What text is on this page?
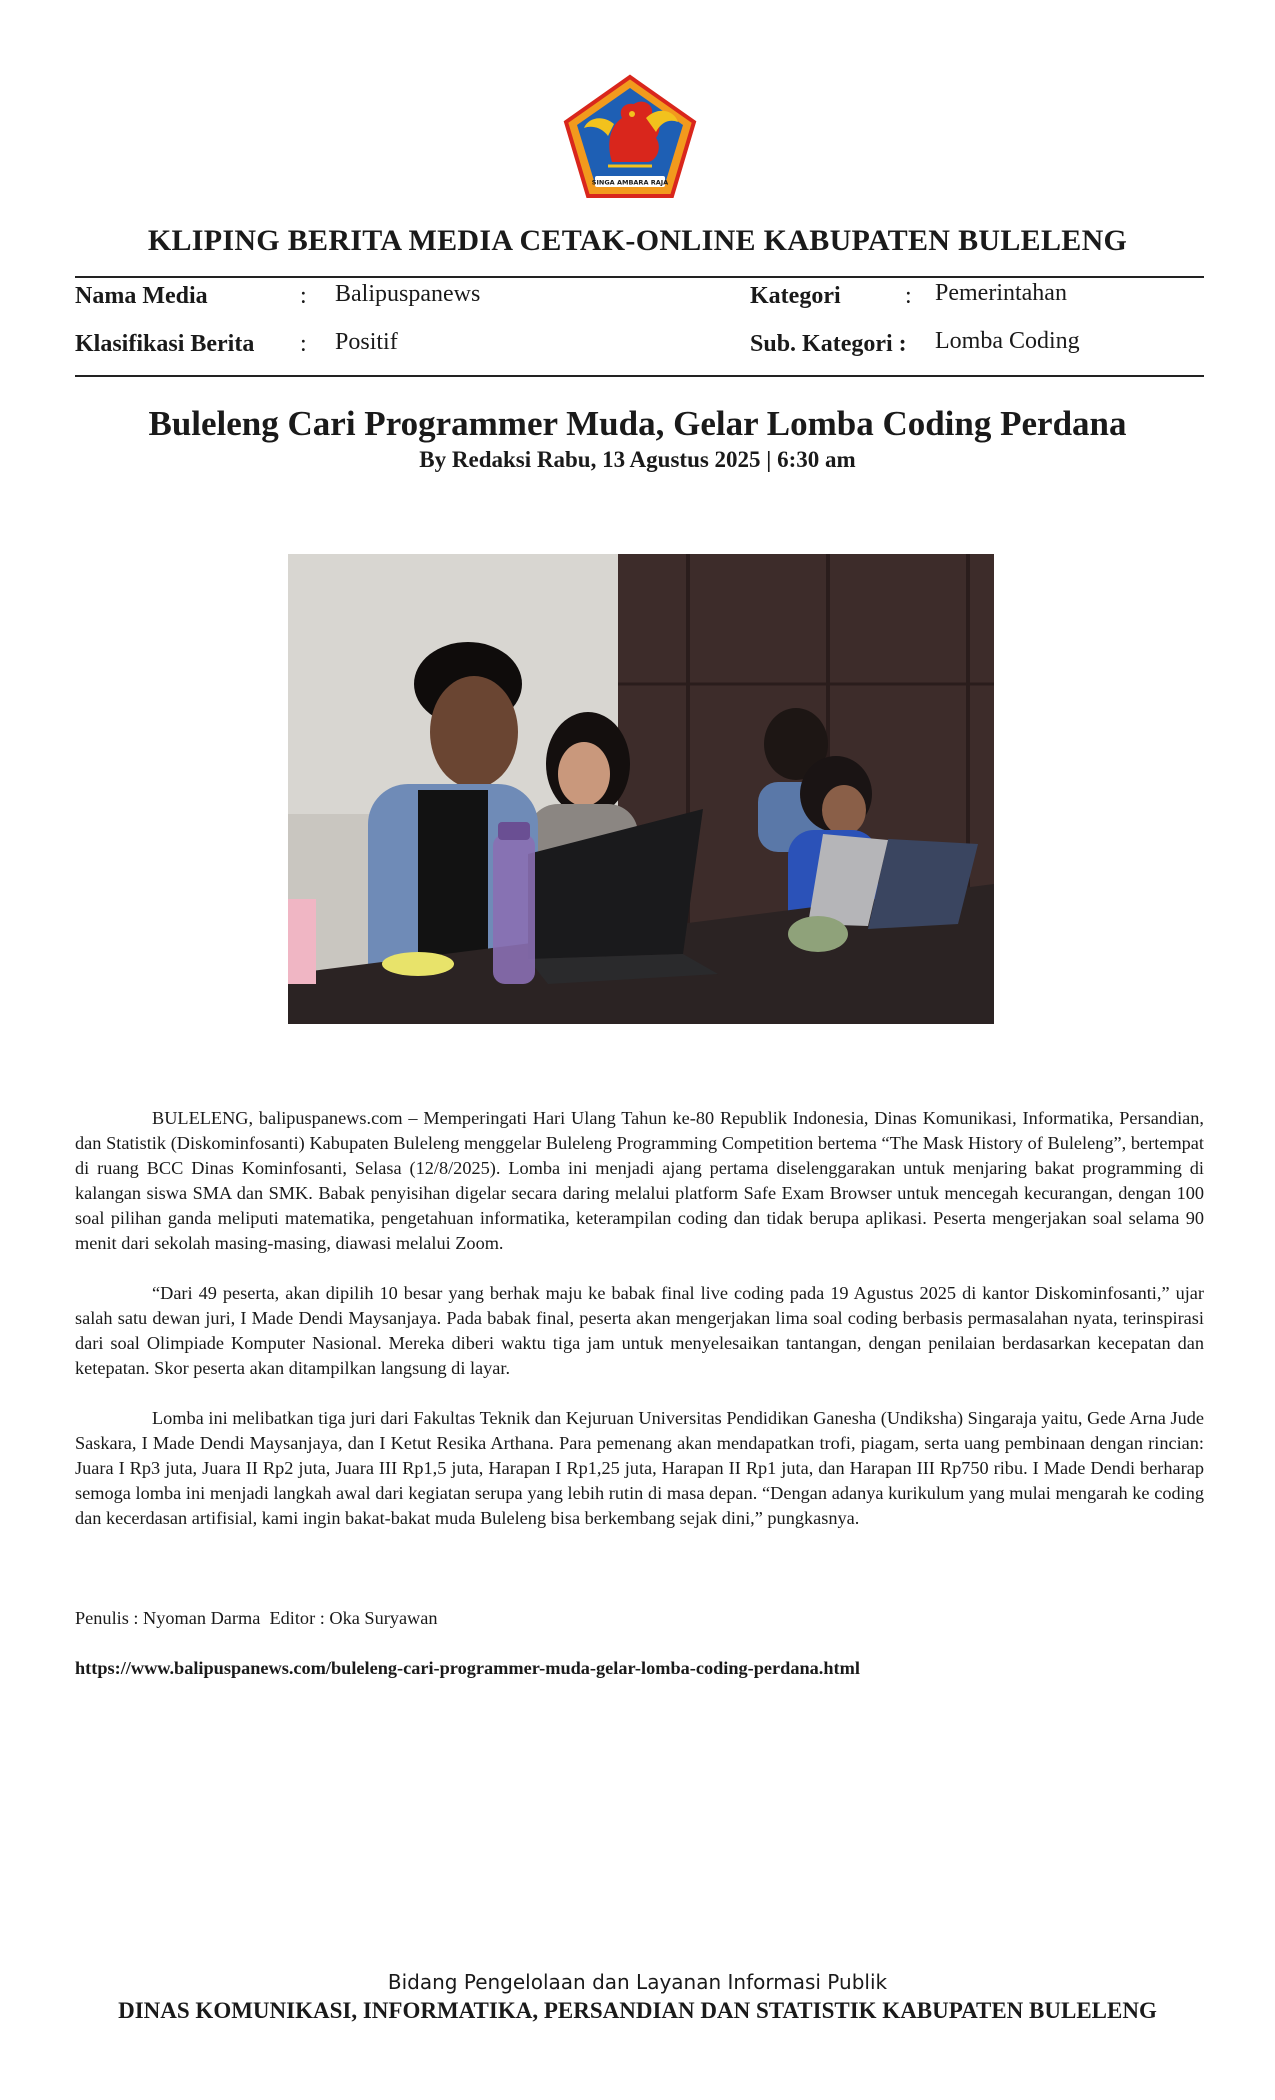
SINGA AMBARA RAJA
KLIPING BERITA MEDIA CETAK-ONLINE KABUPATEN BULELENG
Nama Media	: Balipuspanews	Kategori	: Pemerintahan
Klasifikasi Berita : Positif	Sub. Kategori : Lomba Coding
Buleleng Cari Programmer Muda, Gelar Lomba Coding Perdana
By Redaksi Rabu, 13 Agustus 2025 | 6:30 am

BULELENG, balipuspanews.com – Memperingati Hari Ulang Tahun ke-80 Republik Indonesia, Dinas Komunikasi, Informatika, Persandian, dan Statistik (Diskominfosanti) Kabupaten Buleleng menggelar Buleleng Programming Competition bertema “The Mask History of Buleleng”, bertempat di ruang BCC Dinas Kominfosanti, Selasa (12/8/2025). Lomba ini menjadi ajang pertama diselenggarakan untuk menjaring bakat programming di kalangan siswa SMA dan SMK. Babak penyisihan digelar secara daring melalui platform Safe Exam Browser untuk mencegah kecurangan, dengan 100 soal pilihan ganda meliputi matematika, pengetahuan informatika, keterampilan coding dan tidak berupa aplikasi. Peserta mengerjakan soal selama 90 menit dari sekolah masing-masing, diawasi melalui Zoom.

“Dari 49 peserta, akan dipilih 10 besar yang berhak maju ke babak final live coding pada 19 Agustus 2025 di kantor Diskominfosanti,” ujar salah satu dewan juri, I Made Dendi Maysanjaya. Pada babak final, peserta akan mengerjakan lima soal coding berbasis permasalahan nyata, terinspirasi dari soal Olimpiade Komputer Nasional. Mereka diberi waktu tiga jam untuk menyelesaikan tantangan, dengan penilaian berdasarkan kecepatan dan ketepatan. Skor peserta akan ditampilkan langsung di layar.

Lomba ini melibatkan tiga juri dari Fakultas Teknik dan Kejuruan Universitas Pendidikan Ganesha (Undiksha) Singaraja yaitu, Gede Arna Jude Saskara, I Made Dendi Maysanjaya, dan I Ketut Resika Arthana. Para pemenang akan mendapatkan trofi, piagam, serta uang pembinaan dengan rincian: Juara I Rp3 juta, Juara II Rp2 juta, Juara III Rp1,5 juta, Harapan I Rp1,25 juta, Harapan II Rp1 juta, dan Harapan III Rp750 ribu. I Made Dendi berharap semoga lomba ini menjadi langkah awal dari kegiatan serupa yang lebih rutin di masa depan. “Dengan adanya kurikulum yang mulai mengarah ke coding dan kecerdasan artifisial, kami ingin bakat-bakat muda Buleleng bisa berkembang sejak dini,” pungkasnya.

Penulis : Nyoman Darma  Editor : Oka Suryawan
https://www.balipuspanews.com/buleleng-cari-programmer-muda-gelar-lomba-coding-perdana.html
Bidang Pengelolaan dan Layanan Informasi Publik
DINAS KOMUNIKASI, INFORMATIKA, PERSANDIAN DAN STATISTIK KABUPATEN BULELENG
